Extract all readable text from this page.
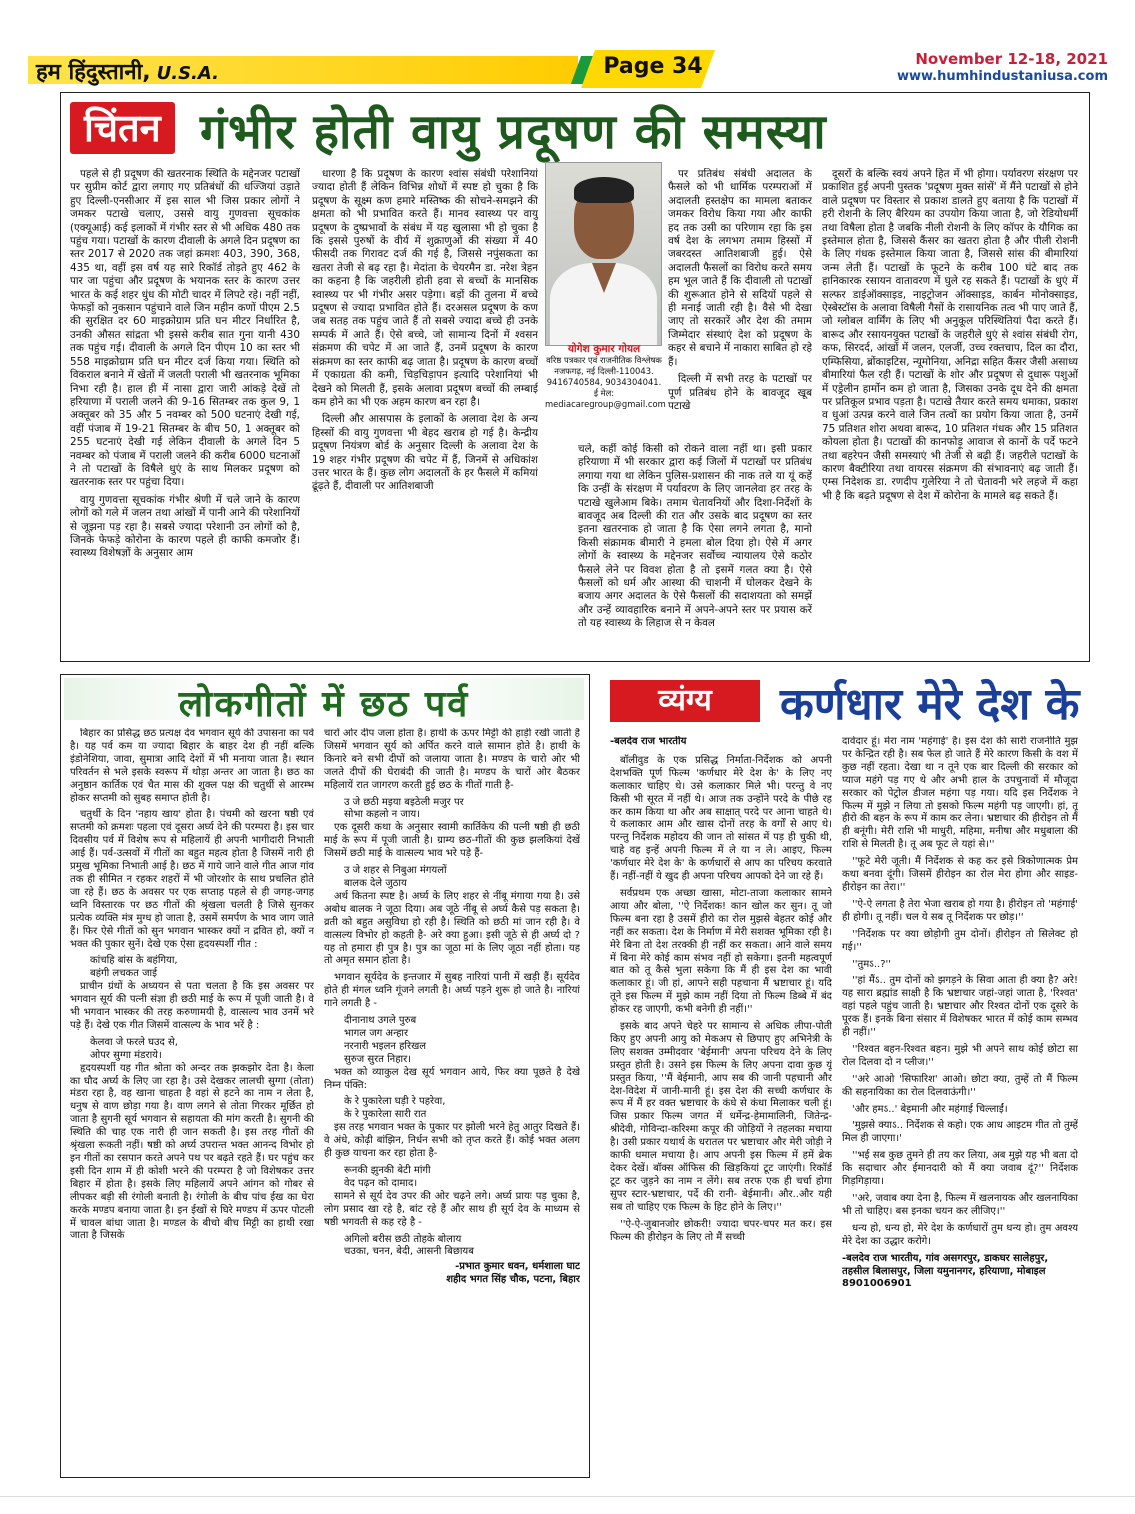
हम हिंदुस्तानी, U.S.A.	Page 34	November 12-18, 2021
www.humhindustaniusa.com
चिंतन गंभीर होती वायु प्रदूषण की समस्या

पहले से ही प्रदूषण की खतरनाक स्थिति के मद्देनजर पटाखों पर सुप्रीम कोर्ट द्वारा लगाए गए प्रतिबंधों की धज्जियां उड़ाते हुए दिल्ली-एनसीआर में इस साल भी जिस प्रकार लोगों ने जमकर पटाखे चलाए, उससे वायु गुणवत्ता सूचकांक (एक्यूआई) कई इलाकों में गंभीर स्तर से भी अधिक 480 तक पहुंच गया। पटाखों के कारण दीवाली के अगले दिन प्रदूषण का स्तर 2017 से 2020 तक जहां क्रमशः 403, 390, 368, 435 था, वहीं इस वर्ष यह सारे रिकॉर्ड तोड़ते हुए 462 के पार जा पहुंचा और प्रदूषण के भयानक स्तर के कारण उत्तर भारत के कई शहर धुंध की मोटी चादर में लिपटे रहे। नहीं नहीं, फेफड़ों को नुकसान पहुंचाने वाले जिन महीन कणों पीएम 2.5 की सुरक्षित दर 60 माइक्रोग्राम प्रति घन मीटर निर्धारित है, उनकी औसत सांद्रता भी इससे करीब सात गुना यानी 430 तक पहुंच गई। दीवाली के अगले दिन पीएम 10 का स्तर भी 558 माइक्रोग्राम प्रति घन मीटर दर्ज किया गया। स्थिति को विकराल बनाने में खेतों में जलती पराली भी खतरनाक भूमिका निभा रही है। हाल ही में नासा द्वारा जारी आंकड़े देखें तो हरियाणा में पराली जलने की 9-16 सितम्बर तक कुल 9, 1 अक्तूबर को 35 और 5 नवम्बर को 500 घटनाएं देखी गई, वहीं पंजाब में 19-21 सितम्बर के बीच 50, 1 अक्तूबर को 255 घटनाएं देखी गई लेकिन दीवाली के अगले दिन 5 नवम्बर को पंजाब में पराली जलने की करीब 6000 घटनाओं ने तो पटाखों के विषैले धुएं के साथ मिलकर प्रदूषण को खतरनाक स्तर पर पहुंचा दिया।

वायु गुणवत्ता सूचकांक गंभीर श्रेणी में चले जाने के कारण लोगों को गले में जलन तथा आंखों में पानी आने की परेशानियों से जूझना पड़ रहा है। सबसे ज्यादा परेशानी उन लोगों को है, जिनके फेफड़े कोरोना के कारण पहले ही काफी कमजोर हैं। स्वास्थ्य विशेषज्ञों के अनुसार आम

धारणा है कि प्रदूषण के कारण श्वांस संबंधी परेशानियां ज्यादा होती हैं लेकिन विभिन्न शोधों में स्पष्ट हो चुका है कि प्रदूषण के सूक्ष्म कण हमारे मस्तिष्क की सोचने-समझने की क्षमता को भी प्रभावित करते हैं। मानव स्वास्थ्य पर वायु प्रदूषण के दुष्प्रभावों के संबंध में यह खुलासा भी हो चुका है कि इससे पुरुषों के वीर्य में शुक्राणुओं की संख्या में 40 फीसदी तक गिरावट दर्ज की गई है, जिससे नपुंसकता का खतरा तेजी से बढ़ रहा है। मेदांता के चेयरमैन डा. नरेश त्रेहन का कहना है कि जहरीली होती हवा से बच्चों के मानसिक स्वास्थ्य पर भी गंभीर असर पड़ेगा। बड़ों की तुलना में बच्चे प्रदूषण से ज्यादा प्रभावित होते हैं। दरअसल प्रदूषण के कण जब सतह तक पहुंच जाते हैं तो सबसे ज्यादा बच्चे ही उनके सम्पर्क में आते हैं। ऐसे बच्चे, जो सामान्य दिनों में श्वसन संक्रमण की चपेट में आ जाते हैं, उनमें प्रदूषण के कारण संक्रमण का स्तर काफी बढ़ जाता है। प्रदूषण के कारण बच्चों में एकाग्रता की कमी, चिड़चिड़ापन इत्यादि परेशानियां भी देखने को मिलती हैं, इसके अलावा प्रदूषण बच्चों की लम्बाई कम होने का भी एक अहम कारण बन रहा है।

दिल्ली और आसपास के इलाकों के अलावा देश के अन्य हिस्सों की वायु गुणवत्ता भी बेहद खराब हो गई है। केन्द्रीय प्रदूषण नियंत्रण बोर्ड के अनुसार दिल्ली के अलावा देश के 19 शहर गंभीर प्रदूषण की चपेट में हैं, जिनमें से अधिकांश उत्तर भारत के हैं। कुछ लोग अदालतों के हर फैसले में कमियां ढूंढ़ते हैं, दीवाली पर आतिशबाजी

योगेश कुमार गोयल
वरिष्ठ पत्रकार एवं राजनीतिक विश्लेषक
नजफगढ़, नई दिल्ली-110043.
9416740584, 9034304041.
ई मेल: mediacaregroup@gmail.com

पर प्रतिबंध संबंधी अदालत के फैसले को भी धार्मिक परम्पराओं में अदालती हस्तक्षेप का मामला बताकर जमकर विरोध किया गया और काफी हद तक उसी का परिणाम रहा कि इस वर्ष देश के लगभग तमाम हिस्सों में जबरदस्त आतिशबाजी हुई। ऐसे अदालती फैसलों का विरोध करते समय हम भूल जाते हैं कि दीवाली तो पटाखों की शुरूआत होने से सदियों पहले से ही मनाई जाती रही है। वैसे भी देखा जाए तो सरकारें और देश की तमाम जिम्मेदार संस्थाएं देश को प्रदूषण के कहर से बचाने में नाकारा साबित हो रहे हैं।

दिल्ली में सभी तरह के पटाखों पर पूर्ण प्रतिबंध होने के बावजूद खूब पटाखे

चले, कहीं कोई किसी को रोकने वाला नहीं था। इसी प्रकार हरियाणा में भी सरकार द्वारा कई जिलों में पटाखों पर प्रतिबंध लगाया गया था लेकिन पुलिस-प्रशासन की नाक तले या यूं कहें कि उन्हीं के संरक्षण में पर्यावरण के लिए जानलेवा हर तरह के पटाखे खुलेआम बिके। तमाम चेतावनियों और दिशा-निर्देशों के बावजूद अब दिल्ली की रात और उसके बाद प्रदूषण का स्तर इतना खतरनाक हो जाता है कि ऐसा लगने लगता है, मानो किसी संक्रामक बीमारी ने हमला बोल दिया हो। ऐसे में अगर लोगों के स्वास्थ्य के मद्देनजर सर्वोच्च न्यायालय ऐसे कठोर फैसले लेने पर विवश होता है तो इसमें गलत क्या है। ऐसे फैसलों को धर्म और आस्था की चाशनी में घोलकर देखने के बजाय अगर अदालत के ऐसे फैसलों की सदाशयता को समझें और उन्हें व्यावहारिक बनाने में अपने-अपने स्तर पर प्रयास करें तो यह स्वास्थ्य के लिहाज से न केवल

दूसरों के बल्कि स्वयं अपने हित में भी होगा। पर्यावरण संरक्षण पर प्रकाशित हुई अपनी पुस्तक 'प्रदूषण मुक्त सांसें' में मैंने पटाखों से होने वाले प्रदूषण पर विस्तार से प्रकाश डालते हुए बताया है कि पटाखों में हरी रोशनी के लिए बैरियम का उपयोग किया जाता है, जो रेडियोधर्मी तथा विषैला होता है जबकि नीली रोशनी के लिए कॉपर के यौगिक का इस्तेमाल होता है, जिससे कैंसर का खतरा होता है और पीली रोशनी के लिए गंधक इस्तेमाल किया जाता है, जिससे सांस की बीमारियां जन्म लेती हैं। पटाखों के फूटने के करीब 100 घंटे बाद तक हानिकारक रसायन वातावरण में घुले रह सकते हैं। पटाखों के धुएं में सल्फर डाईऑक्साइड, नाइट्रोजन ऑक्साइड, कार्बन मोनोक्साइड, ऐस्बेस्टॉस के अलावा विषैली गैसों के रासायनिक तत्व भी पाए जाते हैं, जो ग्लोबल वार्मिंग के लिए भी अनुकूल परिस्थितियां पैदा करते हैं। बारूद और रसायनयुक्त पटाखों के जहरीले धुएं से श्वांस संबंधी रोग, कफ, सिरदर्द, आंखों में जलन, एलर्जी, उच्च रक्तचाप, दिल का दौरा, एम्फिसिया, ब्रोंकाइटिस, न्यूमोनिया, अनिद्रा सहित कैंसर जैसी असाध्य बीमारियां फैल रही हैं। पटाखों के शोर और प्रदूषण से दुधारू पशुओं में एड्रेलीन हार्मोन कम हो जाता है, जिसका उनके दूध देने की क्षमता पर प्रतिकूल प्रभाव पड़ता है। पटाखे तैयार करते समय धमाका, प्रकाश व धुआं उत्पन्न करने वाले जिन तत्वों का प्रयोग किया जाता है, उनमें 75 प्रतिशत शोरा अथवा बारूद, 10 प्रतिशत गंधक और 15 प्रतिशत कोयला होता है। पटाखों की कानफोड़ू आवाज से कानों के पर्दे फटने तथा बहरेपन जैसी समस्याएं भी तेजी से बढ़ी हैं। जहरीले पटाखों के कारण बैक्टीरिया तथा वायरस संक्रमण की संभावनाएं बढ़ जाती हैं। एम्स निदेशक डा. रणदीप गुलेरिया ने तो चेतावनी भरे लहजे में कहा भी है कि बढ़ते प्रदूषण से देश में कोरोना के मामले बढ़ सकते हैं।

लोकगीतों में छठ पर्व

बिहार का प्रसिद्ध छठ प्रत्यक्ष देव भगवान सूर्य की उपासना का पर्व है। यह पर्व कम या ज्यादा बिहार के बाहर देश ही नहीं बल्कि इंडोनेशिया, जावा, सुमात्रा आदि देशों में भी मनाया जाता है। स्थान परिवर्तन से भले इसके स्वरूप में थोड़ा अन्तर आ जाता है। छठ का अनुष्ठान कार्तिक एवं चैत मास की शुक्ल पक्ष की चतुर्थी से आरम्भ होकर सप्तमी को सुबह समाप्त होती है।

चतुर्थी के दिन 'नहाय खाय' होता है। पंचमी को खरना षष्ठी एवं सप्तमी को क्रमशः पहला एवं दूसरा अर्घ्य देने की परम्परा है। इस चार दिवसीय पर्व में विशेष रूप से महिलायें ही अपनी भागीदारी निभाती आई हैं। पर्व-उत्सवों में गीतों का बहुत महत्व होता है जिसमें नारी ही प्रमुख भूमिका निभाती आई है। छठ में गाये जाने वाले गीत आज गांव तक ही सीमित न रहकर शहरों में भी जोरशोर के साथ प्रचलित होते जा रहे हैं। छठ के अवसर पर एक सप्ताह पहले से ही जगह-जगह ध्वनि विस्तारक पर छठ गीतों की श्रृंखला चलती है जिसे सुनकर प्रत्येक व्यक्ति मंत्र मुग्ध हो जाता है, उसमें समर्पण के भाव जाग जाते हैं। फिर ऐसे गीतों को सुन भगवान भास्कर क्यों न द्रवित हो, क्यों न भक्त की पुकार सुनें। देखे एक ऐसा हृदयस्पर्शी गीत :

कांचहि बांस के बहंगिया,

बहंगी लचकत जाई

प्राचीन ग्रंथों के अध्ययन से पता चलता है कि इस अवसर पर भगवान सूर्य की पत्नी संज्ञा ही छठी माई के रूप में पूजी जाती है। वे भी भगवान भास्कर की तरह करुणामयी है, वात्सल्य भाव उनमें भरे पड़े हैं। देखे एक गीत जिसमें वात्सल्य के भाव भरें है :

केलवा जे फरले घउद से,

ओपर सुग्गा मंडराये।

हृदयस्पर्शी यह गीत श्रोता को अन्दर तक झकझोर देता है। केला का घौद अर्घ्य के लिए जा रहा है। उसे देखकर लालची सुग्गा (तोता) मंडरा रहा है, वह खाना चाहता है वहां से हटने का नाम न लेता है, धनुष से वाण छोड़ा गया है। वाण लगने से तोता गिरकर मूर्छित हो जाता है सुगनी सूर्य भगवान से सहायता की मांग करती है। सुगनी की स्थिति की चाह एक नारी ही जान सकती है। इस तरह गीतों की श्रृंखला रूकती नहीं। षष्ठी को अर्घ्य उपरान्त भक्त आनन्द विभोर हो इन गीतों का रसपान करते अपने पथ पर बढ़ते रहते हैं। घर पहुंच कर इसी दिन शाम में ही कोशी भरने की परम्परा है जो विशेषकर उत्तर बिहार में होता है। इसके लिए महिलायें अपने आंगन को गोबर से लीपकर बड़ी सी रंगोली बनाती है। रंगोली के बीच पांच ईख का घेरा करके मण्डप बनाया जाता है। इन ईखों से घिरे मण्डप में ऊपर पोटली में चावल बांधा जाता है। मण्डल के बीचो बीच मिट्टी का हाथी रखा जाता है जिसके

चारों ओर दीप जला होता है। हाथी के ऊपर मिट्टी की हाड़ी रखी जाती है जिसमें भगवान सूर्य को अर्पित करने वाले सामान होते है। हाथी के किनारे बने सभी दीपों को जलाया जाता है। मण्डप के चारो ओर भी जलते दीपों की घेराबंदी की जाती है। मण्डप के चारों ओर बैठकर महिलायें रात जागरण करती हुई छठ के गीतों गाती है-

उ जे छठी मइया बइठेली मजुर पर

सोभा कहलो न जाय।

एक दूसरी कथा के अनुसार स्वामी कार्तिकेय की पत्नी षष्ठी ही छठी माई के रूप में पूजी जाती है। ग्राम्य छठ-गीतों की कुछ झलकियां देखें जिसमें छठी माई के वात्सल्य भाव भरे पड़े हैं-

उ जे शहर से निबुआ मंगयलों

बालक देले जुठाय

अर्थ कितना स्पष्ट है। अर्घ्य के लिए शहर से नींबू मंगाया गया है। उसे अबोध बालक ने जूठा दिया। अब जूठे नींबू से अर्घ्य कैसे पड़ सकता है। व्रती को बहुत असुविधा हो रही है। स्थिति को छठी मां जान रही है। वे वात्सल्य विभोर हो कहती है- अरे क्या हुआ। इसी जूठे से ही अर्घ्य दो ? यह तो हमारा ही पुत्र है। पुत्र का जूठा मां के लिए जूठा नहीं होता। यह तो अमृत समान होता है।

भगवान सूर्यदेव के इन्तजार में सुबह नारियां पानी में खड़ी हैं। सूर्यदेव होते ही मंगल ध्वनि गूंजने लगती है। अर्घ्य पड़ने शुरू हो जाते है। नारियां गाने लगती है -

दीनानाथ उगले पुरुब

भागल जग अन्हार

नरनारी भइलन हरिखल

सुरुज सुरत निहार।

भक्त को व्याकुल देख सूर्य भगवान आये, फिर क्या पूछते है देखे निम्न पंक्ति:

के रे पुकारेला घड़ी रे पहरेवा,

के रे पुकारेला सारी रात

इस तरह भगवान भक्त के पुकार पर झोली भरने हेतु आतुर दिखते हैं। वे अंधे, कोढ़ी बांझिन, निर्धन सभी को तृप्त करते हैं। कोई भक्त अलग ही कुछ याचना कर रहा होता है-

रूनकी झुनकी बेटी मांगी

वेद पढ़न को दामाद।

सामने से सूर्य देव उपर की ओर चढ़ने लगे। अर्घ्य प्रायः पड़ चुका है, लोग प्रसाद खा रहे है, बांट रहे हैं और साथ ही सूर्य देव के माध्यम से षष्ठी भगवती से कह रहे है -

अगिलो बरीस छठी तोहके बोलाय

चउका, चनन, बेदी, आसनी बिछायब

-प्रभात कुमार धवन, धर्मशाला घाट

शहीद भगत सिंह चौक, पटना, बिहार

व्यंग्य	कर्णधार मेरे देश के
-बलदेव राज भारतीय

बॉलीवुड के एक प्रसिद्ध निर्माता-निर्देशक को अपनी देशभक्ति पूर्ण फिल्म 'कर्णधार मेरे देश के' के लिए नए कलाकार चाहिए थे। उसे कलाकार मिले भी। परन्तु वे नए किसी भी सूरत में नहीं थे। आज तक उन्होंने परदे के पीछे रह कर काम किया था और अब साक्षात् परदे पर आना चाहते थे। ये कलाकार आम और खास दोनों तरह के वर्गों से आए थे। परन्तु निर्देशक महोदय की जान तो सांसत में पड़ ही चुकी थी, चाहे वह इन्हें अपनी फिल्म में ले या न ले। आइए, फिल्म 'कर्णधार मेरे देश के' के कर्णधारों से आप का परिचय करवाते हैं। नहीं-नहीं ये खुद ही अपना परिचय आपको देने जा रहे हैं।

सर्वप्रथम एक अच्छा खासा, मोटा-ताजा कलाकार सामने आया और बोला, ''ऐ निर्देशक! कान खोल कर सुन। तू जो फिल्म बना रहा है उसमें हीरो का रोल मुझसे बेहतर कोई और नहीं कर सकता। देश के निर्माण में मेरी सशक्त भूमिका रही है। मेरे बिना तो देश तरक्की ही नहीं कर सकता। आने वाले समय में बिना मेरे कोई काम संभव नहीं हो सकेगा। इतनी महत्वपूर्ण बात को तू कैसे भुला सकेगा कि मैं ही इस देश का भावी कलाकार हूं। जी हां, आपने सही पहचाना मैं भ्रष्टाचार हूं। यदि तूने इस फिल्म में मुझे काम नहीं दिया तो फिल्म डिब्बे में बंद होकर रह जाएगी, कभी बनेगी ही नहीं।''

इसके बाद अपने चेहरे पर सामान्य से अधिक लीपा-पोती किए हुए अपनी आयु को मेकअप से छिपाए हुए अभिनेत्री के लिए सशक्त उम्मीदवार 'बेईमानी' अपना परिचय देने के लिए प्रस्तुत होती है। उसने इस फिल्म के लिए अपना दावा कुछ यूं प्रस्तुत किया, ''मैं बेईमानी, आप सब की जानी पहचानी और देश-विदेश में जानी-मानी हूं। इस देश की सच्ची कर्णधार के रूप में मैं हर वक्त भ्रष्टाचार के कंधे से कंधा मिलाकर चली हूं। जिस प्रकार फिल्म जगत में धर्मेन्द्र-हेमामालिनी, जितेन्द्र-श्रीदेवी, गोविन्दा-करिश्मा कपूर की जोड़ियों ने तहलका मचाया है। उसी प्रकार यथार्थ के धरातल पर भ्रष्टाचार और मेरी जोड़ी ने काफी धमाल मचाया है। आप अपनी इस फिल्म में हमें ब्रेक देकर देखें। बॉक्स ऑफिस की खिड़कियां टूट जाएंगी। रिकॉर्ड टूट कर जुड़ने का नाम न लेंगे। सब तरफ एक ही चर्चा होगा सुपर स्टार-भ्रष्टाचार, पर्दे की रानी- बेईमानी। और..और यही सब तो चाहिए एक फिल्म के हिट होने के लिए।''

''ऐ-ऐ-जुबानजोर छोकरी! ज्यादा चपर-चपर मत कर। इस फिल्म की हीरोइन के लिए तो मैं सच्ची

दावेदार हूं। मेरा नाम 'महंगाई' है। इस देश की सारी राजनीति मुझ पर केन्द्रित रही है। सब फेल हो जाते हैं मेरे कारण किसी के वश में कुछ नहीं रहता। देखा था न तूने एक बार दिल्ली की सरकार को प्याज महंगे पड़ गए थे और अभी हाल के उपचुनावों में मौजूदा सरकार को पेट्रोल डीजल महंगा पड़ गया। यदि इस निर्देशक ने फिल्म में मुझे न लिया तो इसको फिल्म महंगी पड़ जाएगी। हां, तू हीरो की बहन के रूप में काम कर लेना। भ्रष्टाचार की हीरोइन तो मैं ही बनूंगी। मेरी राशि भी माधुरी, महिमा, मनीषा और मधुबाला की राशि से मिलती है। तू अब फूट ले यहां से।''

''फूटे मेरी जूती। मैं निर्देशक से कह कर इसे त्रिकोणात्मक प्रेम कथा बनवा दूंगी। जिसमें हीरोइन का रोल मेरा होगा और साइड-हीरोइन का तेरा।''

''ऐ-ऐ लगता है तेरा भेजा खराब हो गया है। हीरोइन तो 'महंगाई' ही होगी। तू नहीं। चल ये सब तू निर्देशक पर छोड़।''

''निर्देशक पर क्या छोड़ोगी तुम दोनों। हीरोइन तो सिलेक्ट हो गई।''

''तुमऽ..?''

''हां मैंऽ.. तुम दोनों को झगड़ने के सिवा आता ही क्या है? अरे! यह सारा ब्रह्मांड साक्षी है कि भ्रष्टाचार जहां-जहां जाता है, 'रिश्वत' वहां पहले पहुंच जाती है। भ्रष्टाचार और रिश्वत दोनों एक दूसरे के पूरक हैं। इनके बिना संसार में विशेषकर भारत में कोई काम सम्भव ही नहीं।''

''रिश्वत बहन-रिश्वत बहन। मुझे भी अपने साथ कोई छोटा सा रोल दिलवा दो न प्लीज।''

''अरे आओ 'सिफारिश' आओ। छोटा क्या, तुम्हें तो मैं फिल्म की सहनायिका का रोल दिलवाऊंगी।''

'और हमऽ..' बेइमानी और महंगाई चिल्लाईं।

'मुझसे क्याऽ.. निर्देशक से कहो। एक आध आइटम गीत तो तुम्हें मिल ही जाएगा।'

''भई सब कुछ तुमने ही तय कर लिया, अब मुझे यह भी बता दो कि सदाचार और ईमानदारी को मैं क्या जवाब दूं?'' निर्देशक गिड़गिड़ाया।

''अरे, जवाब क्या देना है, फिल्म में खलनायक और खलनायिका भी तो चाहिए। बस इनका चयन कर लीजिए।''

धन्य हो, धन्य हो, मेरे देश के कर्णधारों तुम धन्य हो। तुम अवश्य मेरे देश का उद्धार करोगे।

-बलदेव राज भारतीय, गांव असगरपुर, डाकघर सालेहपुर, तहसील बिलासपुर, जिला यमुनानगर, हरियाणा, मोबाइल 8901006901
